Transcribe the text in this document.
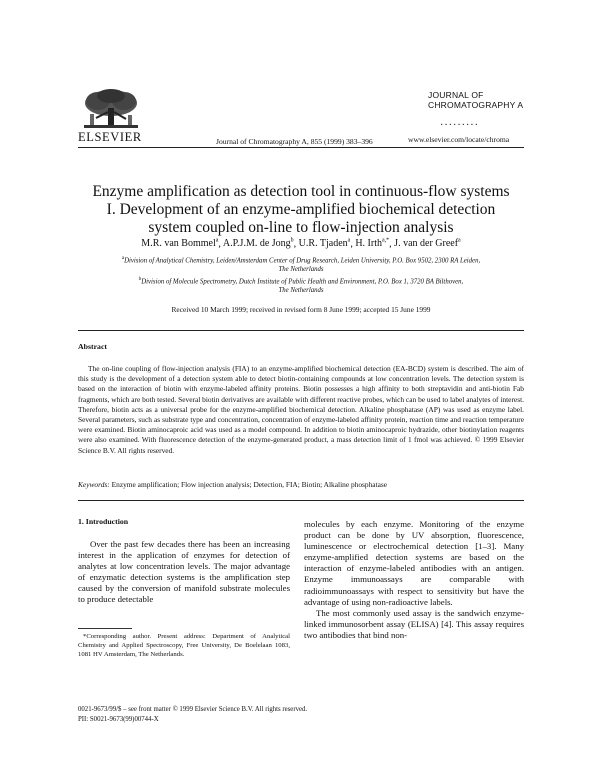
ELSEVIER	Journal of Chromatography A, 855 (1999) 383–396
JOURNAL OF
CHROMATOGRAPHY A
·········
www.elsevier.com/locate/chroma
Enzyme amplification as detection tool in continuous-flow systems
I. Development of an enzyme-amplified biochemical detection
system coupled on-line to flow-injection analysis
M.R. van Bommel$^a$, A.P.J.M. de Jong$^b$, U.R. Tjaden$^a$, H. Irth$^{a,*}$, J. van der Greef$^a$
$^a$Division of Analytical Chemistry, Leiden/Amsterdam Center of Drug Research, Leiden University, P.O. Box 9502, 2300 RA Leiden,
The Netherlands
$^b$Division of Molecule Spectrometry, Dutch Institute of Public Health and Environment, P.O. Box 1, 3720 BA Bilthoven,
The Netherlands
Received 10 March 1999; received in revised form 8 June 1999; accepted 15 June 1999
Abstract
The on-line coupling of flow-injection analysis (FIA) to an enzyme-amplified biochemical detection (EA-BCD) system is described. The aim of this study is the development of a detection system able to detect biotin-containing compounds at low concentration levels. The detection system is based on the interaction of biotin with enzyme-labeled affinity proteins. Biotin possesses a high affinity to both streptavidin and anti-biotin Fab fragments, which are both tested. Several biotin derivatives are available with different reactive probes, which can be used to label analytes of interest. Therefore, biotin acts as a universal probe for the enzyme-amplified biochemical detection. Alkaline phosphatase (AP) was used as enzyme label. Several parameters, such as substrate type and concentration, concentration of enzyme-labeled affinity protein, reaction time and reaction temperature were examined. Biotin aminocaproic acid was used as a model compound. In addition to biotin aminocaproic hydrazide, other biotinylation reagents were also examined. With fluorescence detection of the enzyme-generated product, a mass detection limit of 1 fmol was achieved. © 1999 Elsevier Science B.V. All rights reserved.
Keywords: Enzyme amplification; Flow injection analysis; Detection, FIA; Biotin; Alkaline phosphatase
1. Introduction

Over the past few decades there has been an increasing interest in the application of enzymes for detection of analytes at low concentration levels. The major advantage of enzymatic detection systems is the amplification step caused by the conversion of manifold substrate molecules to produce detectable

molecules by each enzyme. Monitoring of the enzyme product can be done by UV absorption, fluorescence, luminescence or electrochemical detection [1–3]. Many enzyme-amplified detection systems are based on the interaction of enzyme-labeled antibodies with an antigen. Enzyme immunoassays are comparable with radioimmunoassays with respect to sensitivity but have the advantage of using non-radioactive labels.

The most commonly used assay is the sandwich enzyme-linked immunosorbent assay (ELISA) [4]. This assay requires two antibodies that bind non-

*Corresponding author. Present address: Department of Analytical Chemistry and Applied Spectroscopy, Free University, De Boelelaan 1083, 1081 HV Amsterdam, The Netherlands.
0021-9673/99/$ – see front matter © 1999 Elsevier Science B.V. All rights reserved.
PII: S0021-9673(99)00744-X
